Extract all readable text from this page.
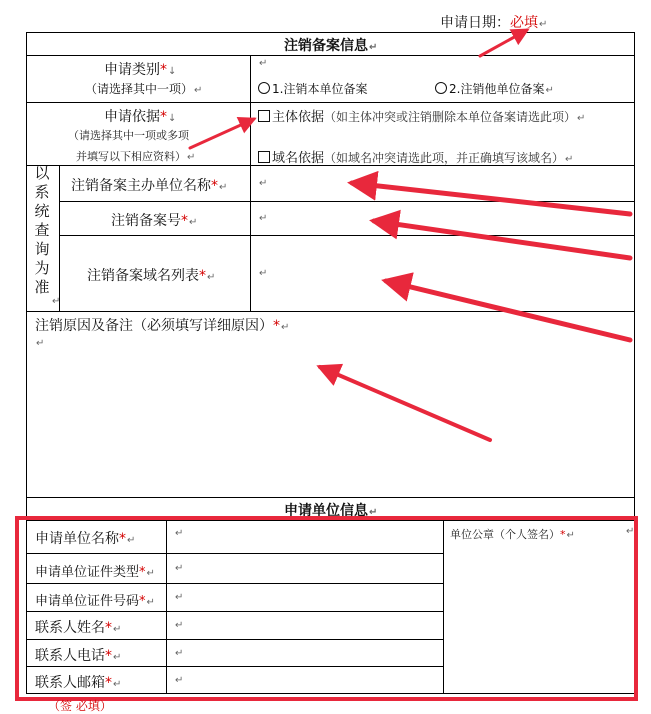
申请日期：必填↵
注销备案信息↵
申请类别*↓
（请选择其中一项）↵
↵
1.注销本单位备案	2.注销他单位备案↵
申请依据*↓
（请选择其中一项或多项
并填写以下相应资料）↵
主体依据（如主体冲突或注销删除本单位备案请选此项）↵
域名依据（如域名冲突请选此项，并正确填写该域名）↵
以系统查询为准
↵
注销备案主办单位名称*↵	↵
注销备案号*↵	↵
注销备案域名列表*↵	↵
注销原因及备注（必须填写详细原因）*↵
↵
申请单位信息↵
申请单位名称*↵
↵
申请单位证件类型*↵ ↵
申请单位证件号码*↵ ↵
联系人姓名*↵	↵
联系人电话*↵	↵
联系人邮箱*↵	↵
单位公章（个人签名）*↵	↵
（签 必填）
